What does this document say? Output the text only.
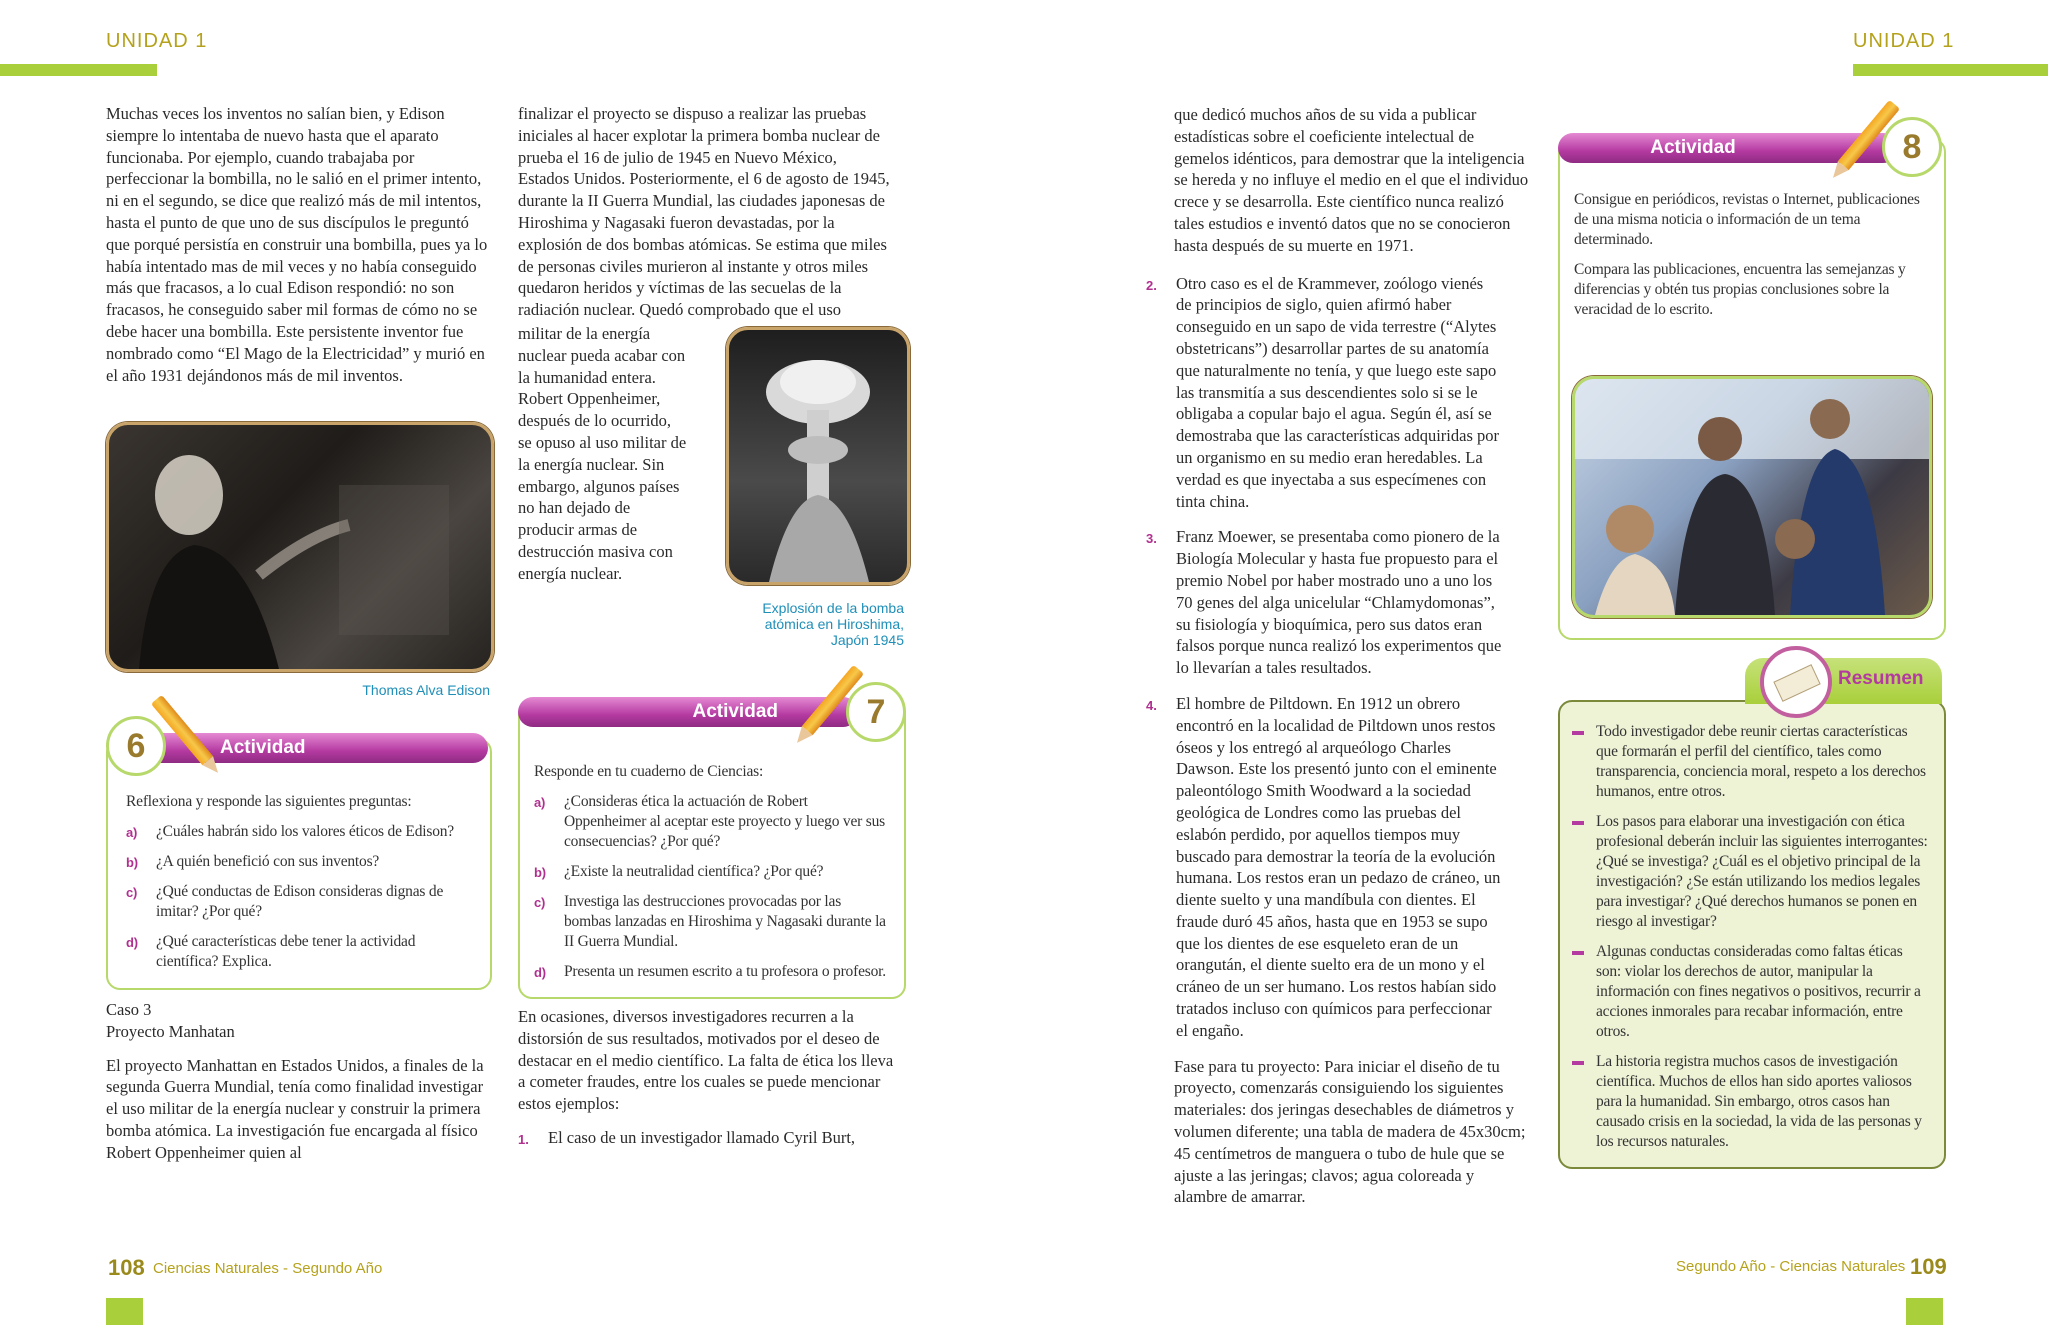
UNIDAD 1	UNIDAD 1

Muchas veces los inventos no salían bien, y Edison siempre lo intentaba de nuevo hasta que el aparato funcionaba. Por ejemplo, cuando trabajaba por perfeccionar la bombilla, no le salió en el primer intento, ni en el segundo, se dice que realizó más de mil intentos, hasta el punto de que uno de sus discípulos le preguntó que porqué persistía en construir una bombilla, pues ya lo había intentado mas de mil veces y no había conseguido más que fracasos, a lo cual Edison respondió: no son fracasos, he conseguido saber mil formas de cómo no se debe hacer una bombilla. Este persistente inventor fue nombrado como “El Mago de la Electricidad” y murió en el año 1931 dejándonos más de mil inventos.

Thomas Alva Edison
Reflexiona y responde las siguientes preguntas:
a)	¿Cuáles habrán sido los valores éticos de Edison?
b)	¿A quién benefició con sus inventos?
c)	¿Qué conductas de Edison consideras dignas de imitar? ¿Por qué?
d)	¿Qué características debe tener la actividad científica? Explica.
Actividad
6
Caso 3
Proyecto Manhatan

El proyecto Manhattan en Estados Unidos, a finales de la segunda Guerra Mundial, tenía como finalidad investigar el uso militar de la energía nuclear y construir la primera bomba atómica. La investigación fue encargada al físico Robert Oppenheimer quien al

finalizar el proyecto se dispuso a realizar las pruebas iniciales al hacer explotar la primera bomba nuclear de prueba el 16 de julio de 1945 en Nuevo México, Estados Unidos. Posteriormente, el 6 de agosto de 1945, durante la II Guerra Mundial, las ciudades japonesas de Hiroshima y Nagasaki fueron devastadas, por la explosión de dos bombas atómicas. Se estima que miles de personas civiles murieron al instante y otros miles quedaron heridos y víctimas de las secuelas de la radiación nuclear. Quedó comprobado que el uso

militar de la energía nuclear pueda acabar con la humanidad entera. Robert Oppenheimer, después de lo ocurrido, se opuso al uso militar de la energía nuclear. Sin embargo, algunos países no han dejado de producir armas de destrucción masiva con energía nuclear.

Explosión de la bomba atómica en Hiroshima, Japón 1945
Responde en tu cuaderno de Ciencias:
a)	¿Consideras ética la actuación de Robert Oppenheimer al aceptar este proyecto y luego ver sus consecuencias? ¿Por qué?
b)	¿Existe la neutralidad científica? ¿Por qué?
c)	Investiga las destrucciones provocadas por las bombas lanzadas en Hiroshima y Nagasaki durante la II Guerra Mundial.
d)	Presenta un resumen escrito a tu profesora o profesor.
Actividad	7

En ocasiones, diversos investigadores recurren a la distorsión de sus resultados, motivados por el deseo de destacar en el medio científico. La falta de ética los lleva a cometer fraudes, entre los cuales se puede mencionar estos ejemplos:

1. El caso de un investigador llamado Cyril Burt,
108 Ciencias Naturales - Segundo Año

que dedicó muchos años de su vida a publicar estadísticas sobre el coeficiente intelectual de gemelos idénticos, para demostrar que la inteligencia se hereda y no influye el medio en el que el individuo crece y se desarrolla. Este científico nunca realizó tales estudios e inventó datos que no se conocieron hasta después de su muerte en 1971.

2. Otro caso es el de Krammever, zoólogo vienés de principios de siglo, quien afirmó haber conseguido en un sapo de vida terrestre (“Alytes obstetricans”) desarrollar partes de su anatomía que naturalmente no tenía, y que luego este sapo las transmitía a sus descendientes solo si se le obligaba a copular bajo el agua. Según él, así se demostraba que las características adquiridas por un organismo en su medio eran heredables. La verdad es que inyectaba a sus especímenes con tinta china.
3. Franz Moewer, se presentaba como pionero de la Biología Molecular y hasta fue propuesto para el premio Nobel por haber mostrado uno a uno los 70 genes del alga unicelular “Chlamydomonas”, su fisiología y bioquímica, pero sus datos eran falsos porque nunca realizó los experimentos que lo llevarían a tales resultados.
4. El hombre de Piltdown. En 1912 un obrero encontró en la localidad de Piltdown unos restos óseos y los entregó al arqueólogo Charles Dawson. Este los presentó junto con el eminente paleontólogo Smith Woodward a la sociedad geológica de Londres como las pruebas del eslabón perdido, por aquellos tiempos muy buscado para demostrar la teoría de la evolución humana. Los restos eran un pedazo de cráneo, un diente suelto y una mandíbula con dientes. El fraude duró 45 años, hasta que en 1953 se supo que los dientes de ese esqueleto eran de un orangután, el diente suelto era de un mono y el cráneo de un ser humano. Los restos habían sido tratados incluso con químicos para perfeccionar el engaño.

Fase para tu proyecto: Para iniciar el diseño de tu proyecto, comenzarás consiguiendo los siguientes materiales: dos jeringas desechables de diámetros y volumen diferente; una tabla de madera de 45x30cm; 45 centímetros de manguera o tubo de hule que se ajuste a las jeringas; clavos; agua coloreada y alambre de amarrar.

Consigue en periódicos, revistas o Internet, publicaciones de una misma noticia o información de un tema determinado.

Compara las publicaciones, encuentra las semejanzas y diferencias y obtén tus propias conclusiones sobre la veracidad de lo escrito.

Actividad	8
Todo investigador debe reunir ciertas características que formarán el perfil del científico, tales como transparencia, conciencia moral, respeto a los derechos humanos, entre otros.
Los pasos para elaborar una investigación con ética profesional deberán incluir las siguientes interrogantes: ¿Qué se investiga? ¿Cuál es el objetivo principal de la investigación? ¿Se están utilizando los medios legales para investigar? ¿Qué derechos humanos se ponen en riesgo al investigar?
Algunas conductas consideradas como faltas éticas son: violar los derechos de autor, manipular la información con fines negativos o positivos, recurrir a acciones inmorales para recabar información, entre otros.
La historia registra muchos casos de investigación científica. Muchos de ellos han sido aportes valiosos para la humanidad. Sin embargo, otros casos han causado crisis en la sociedad, la vida de las personas y los recursos naturales.
Resumen
Segundo Año - Ciencias Naturales 109
